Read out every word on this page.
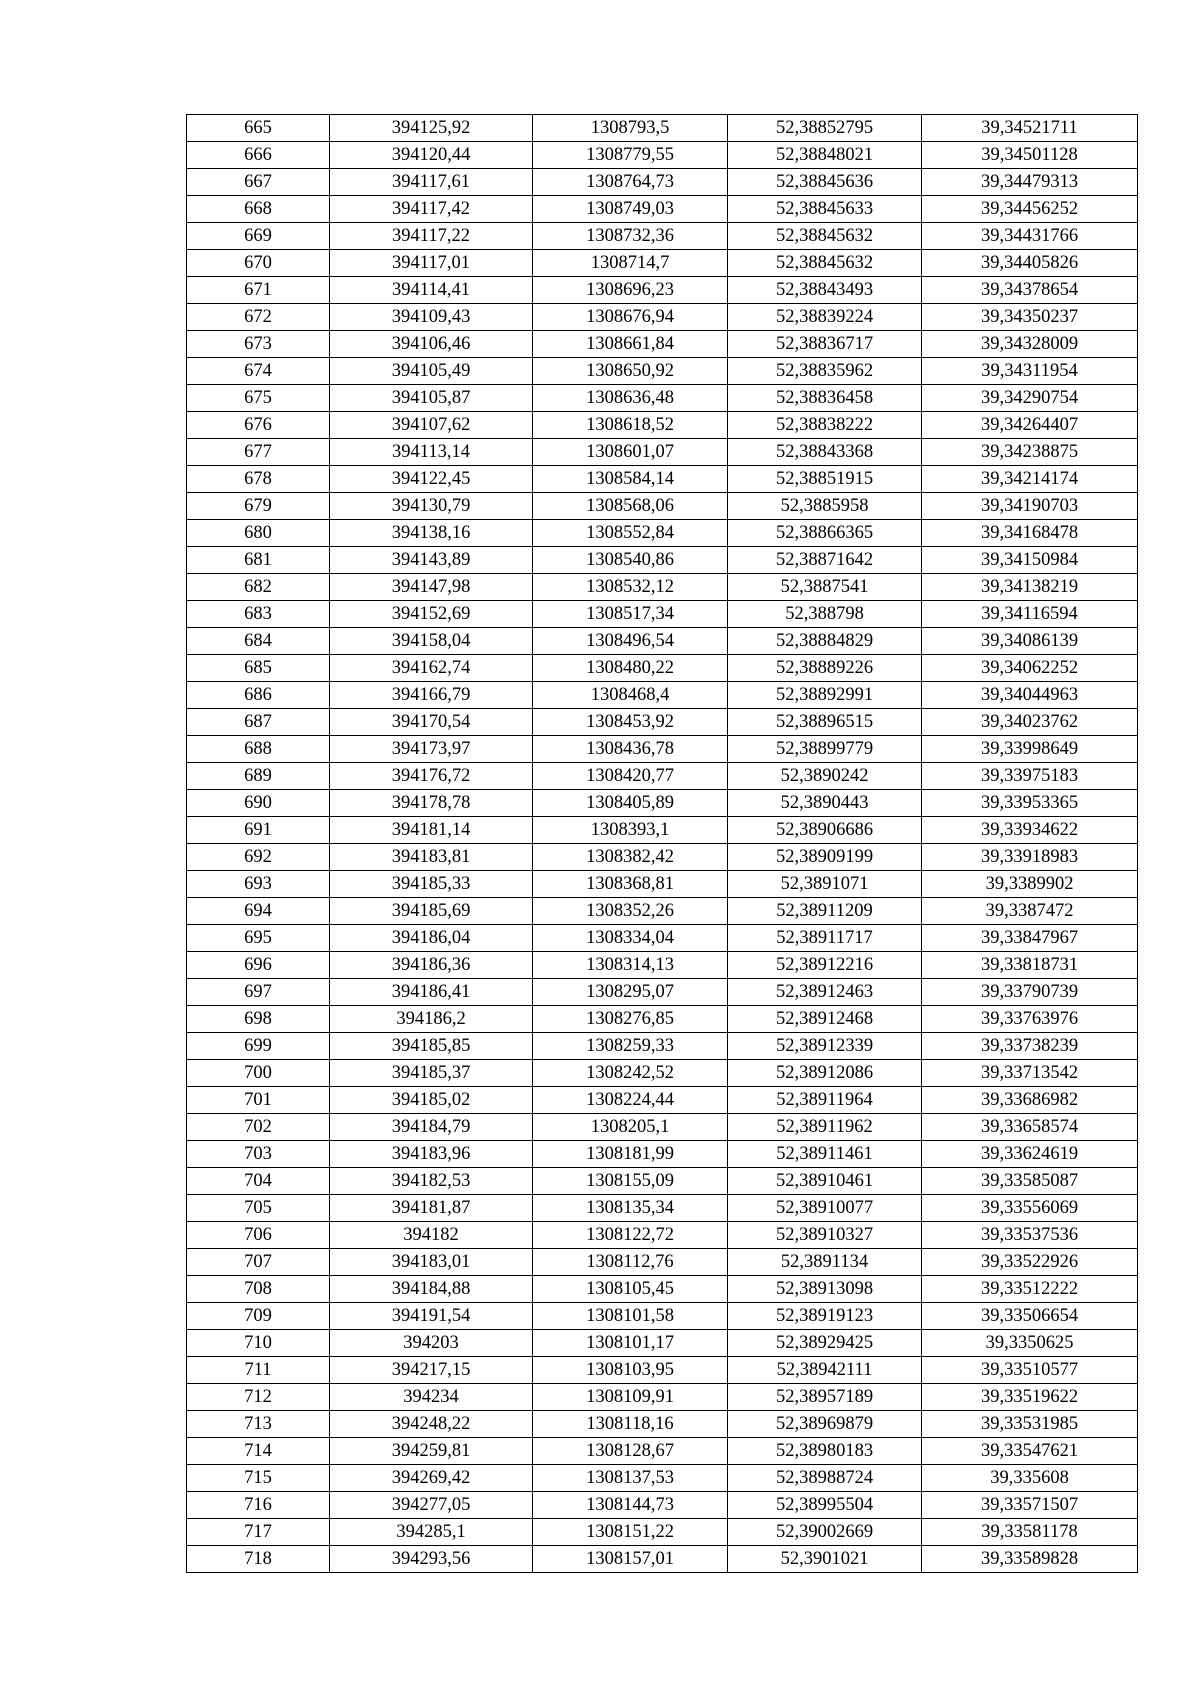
665	394125,92	1308793,5	52,38852795	39,34521711
666	394120,44	1308779,55	52,38848021	39,34501128
667	394117,61	1308764,73	52,38845636	39,34479313
668	394117,42	1308749,03	52,38845633	39,34456252
669	394117,22	1308732,36	52,38845632	39,34431766
670	394117,01	1308714,7	52,38845632	39,34405826
671	394114,41	1308696,23	52,38843493	39,34378654
672	394109,43	1308676,94	52,38839224	39,34350237
673	394106,46	1308661,84	52,38836717	39,34328009
674	394105,49	1308650,92	52,38835962	39,34311954
675	394105,87	1308636,48	52,38836458	39,34290754
676	394107,62	1308618,52	52,38838222	39,34264407
677	394113,14	1308601,07	52,38843368	39,34238875
678	394122,45	1308584,14	52,38851915	39,34214174
679	394130,79	1308568,06	52,3885958	39,34190703
680	394138,16	1308552,84	52,38866365	39,34168478
681	394143,89	1308540,86	52,38871642	39,34150984
682	394147,98	1308532,12	52,3887541	39,34138219
683	394152,69	1308517,34	52,388798	39,34116594
684	394158,04	1308496,54	52,38884829	39,34086139
685	394162,74	1308480,22	52,38889226	39,34062252
686	394166,79	1308468,4	52,38892991	39,34044963
687	394170,54	1308453,92	52,38896515	39,34023762
688	394173,97	1308436,78	52,38899779	39,33998649
689	394176,72	1308420,77	52,3890242	39,33975183
690	394178,78	1308405,89	52,3890443	39,33953365
691	394181,14	1308393,1	52,38906686	39,33934622
692	394183,81	1308382,42	52,38909199	39,33918983
693	394185,33	1308368,81	52,3891071	39,3389902
694	394185,69	1308352,26	52,38911209	39,3387472
695	394186,04	1308334,04	52,38911717	39,33847967
696	394186,36	1308314,13	52,38912216	39,33818731
697	394186,41	1308295,07	52,38912463	39,33790739
698	394186,2	1308276,85	52,38912468	39,33763976
699	394185,85	1308259,33	52,38912339	39,33738239
700	394185,37	1308242,52	52,38912086	39,33713542
701	394185,02	1308224,44	52,38911964	39,33686982
702	394184,79	1308205,1	52,38911962	39,33658574
703	394183,96	1308181,99	52,38911461	39,33624619
704	394182,53	1308155,09	52,38910461	39,33585087
705	394181,87	1308135,34	52,38910077	39,33556069
706	394182	1308122,72	52,38910327	39,33537536
707	394183,01	1308112,76	52,3891134	39,33522926
708	394184,88	1308105,45	52,38913098	39,33512222
709	394191,54	1308101,58	52,38919123	39,33506654
710	394203	1308101,17	52,38929425	39,3350625
711	394217,15	1308103,95	52,38942111	39,33510577
712	394234	1308109,91	52,38957189	39,33519622
713	394248,22	1308118,16	52,38969879	39,33531985
714	394259,81	1308128,67	52,38980183	39,33547621
715	394269,42	1308137,53	52,38988724	39,335608
716	394277,05	1308144,73	52,38995504	39,33571507
717	394285,1	1308151,22	52,39002669	39,33581178
718	394293,56	1308157,01	52,3901021	39,33589828
